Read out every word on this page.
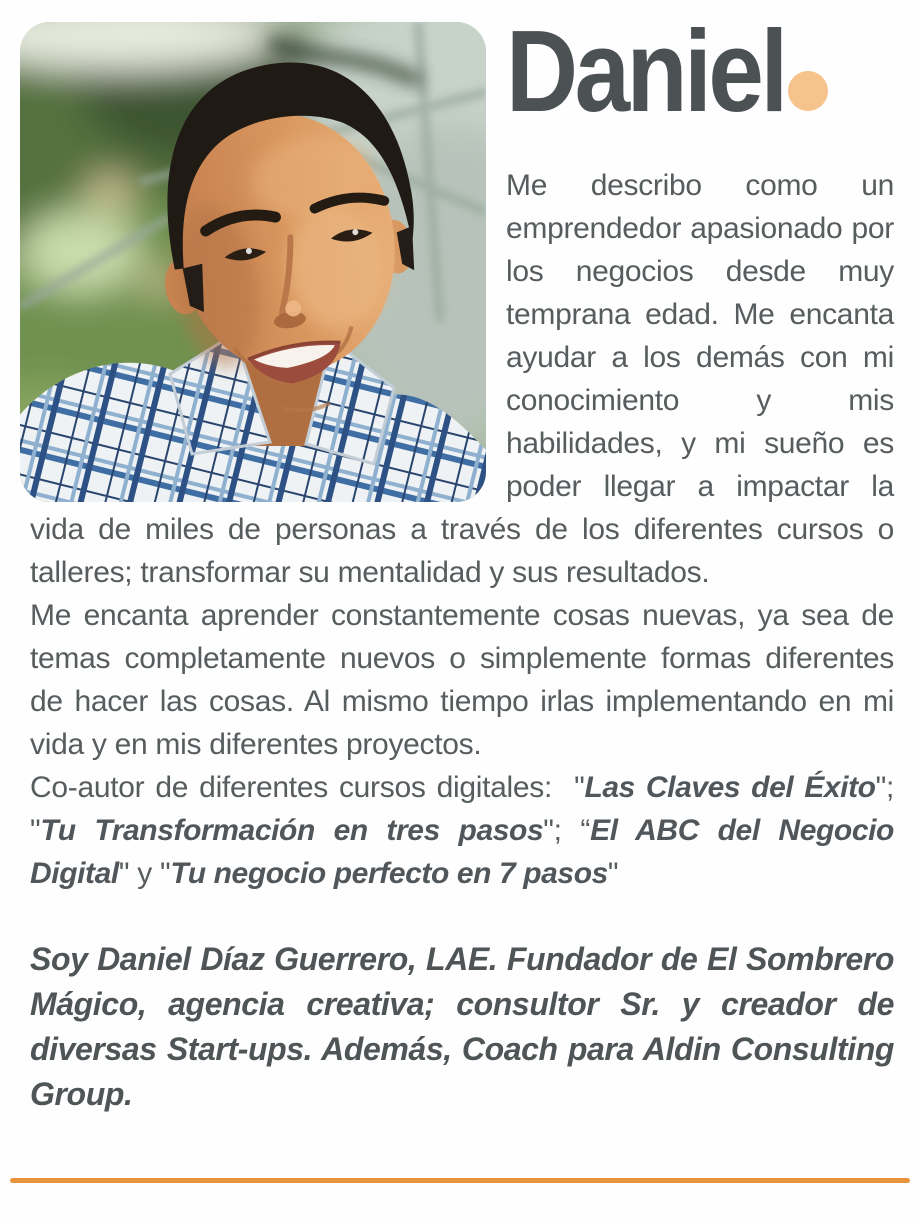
Daniel

Me describo como un emprendedor apasionado por los negocios desde muy temprana edad. Me encanta ayudar a los demás con mi conocimiento y mis habilidades, y mi sueño es poder llegar a impactar la vida de miles de personas a través de los diferentes cursos o talleres; transformar su mentalidad y sus resultados.

Me encanta aprender constantemente cosas nuevas, ya sea de temas completamente nuevos o simplemente formas diferentes de hacer las cosas. Al mismo tiempo irlas implementando en mi vida y en mis diferentes proyectos.

Co-autor de diferentes cursos digitales:  "Las Claves del Éxito"; "Tu Transformación en tres pasos"; “El ABC del Negocio Digital" y "Tu negocio perfecto en 7 pasos"

Soy Daniel Díaz Guerrero, LAE. Fundador de El Sombrero Mágico, agencia creativa; consultor Sr. y creador de diversas Start-ups. Además, Coach para Aldin Consulting Group.
